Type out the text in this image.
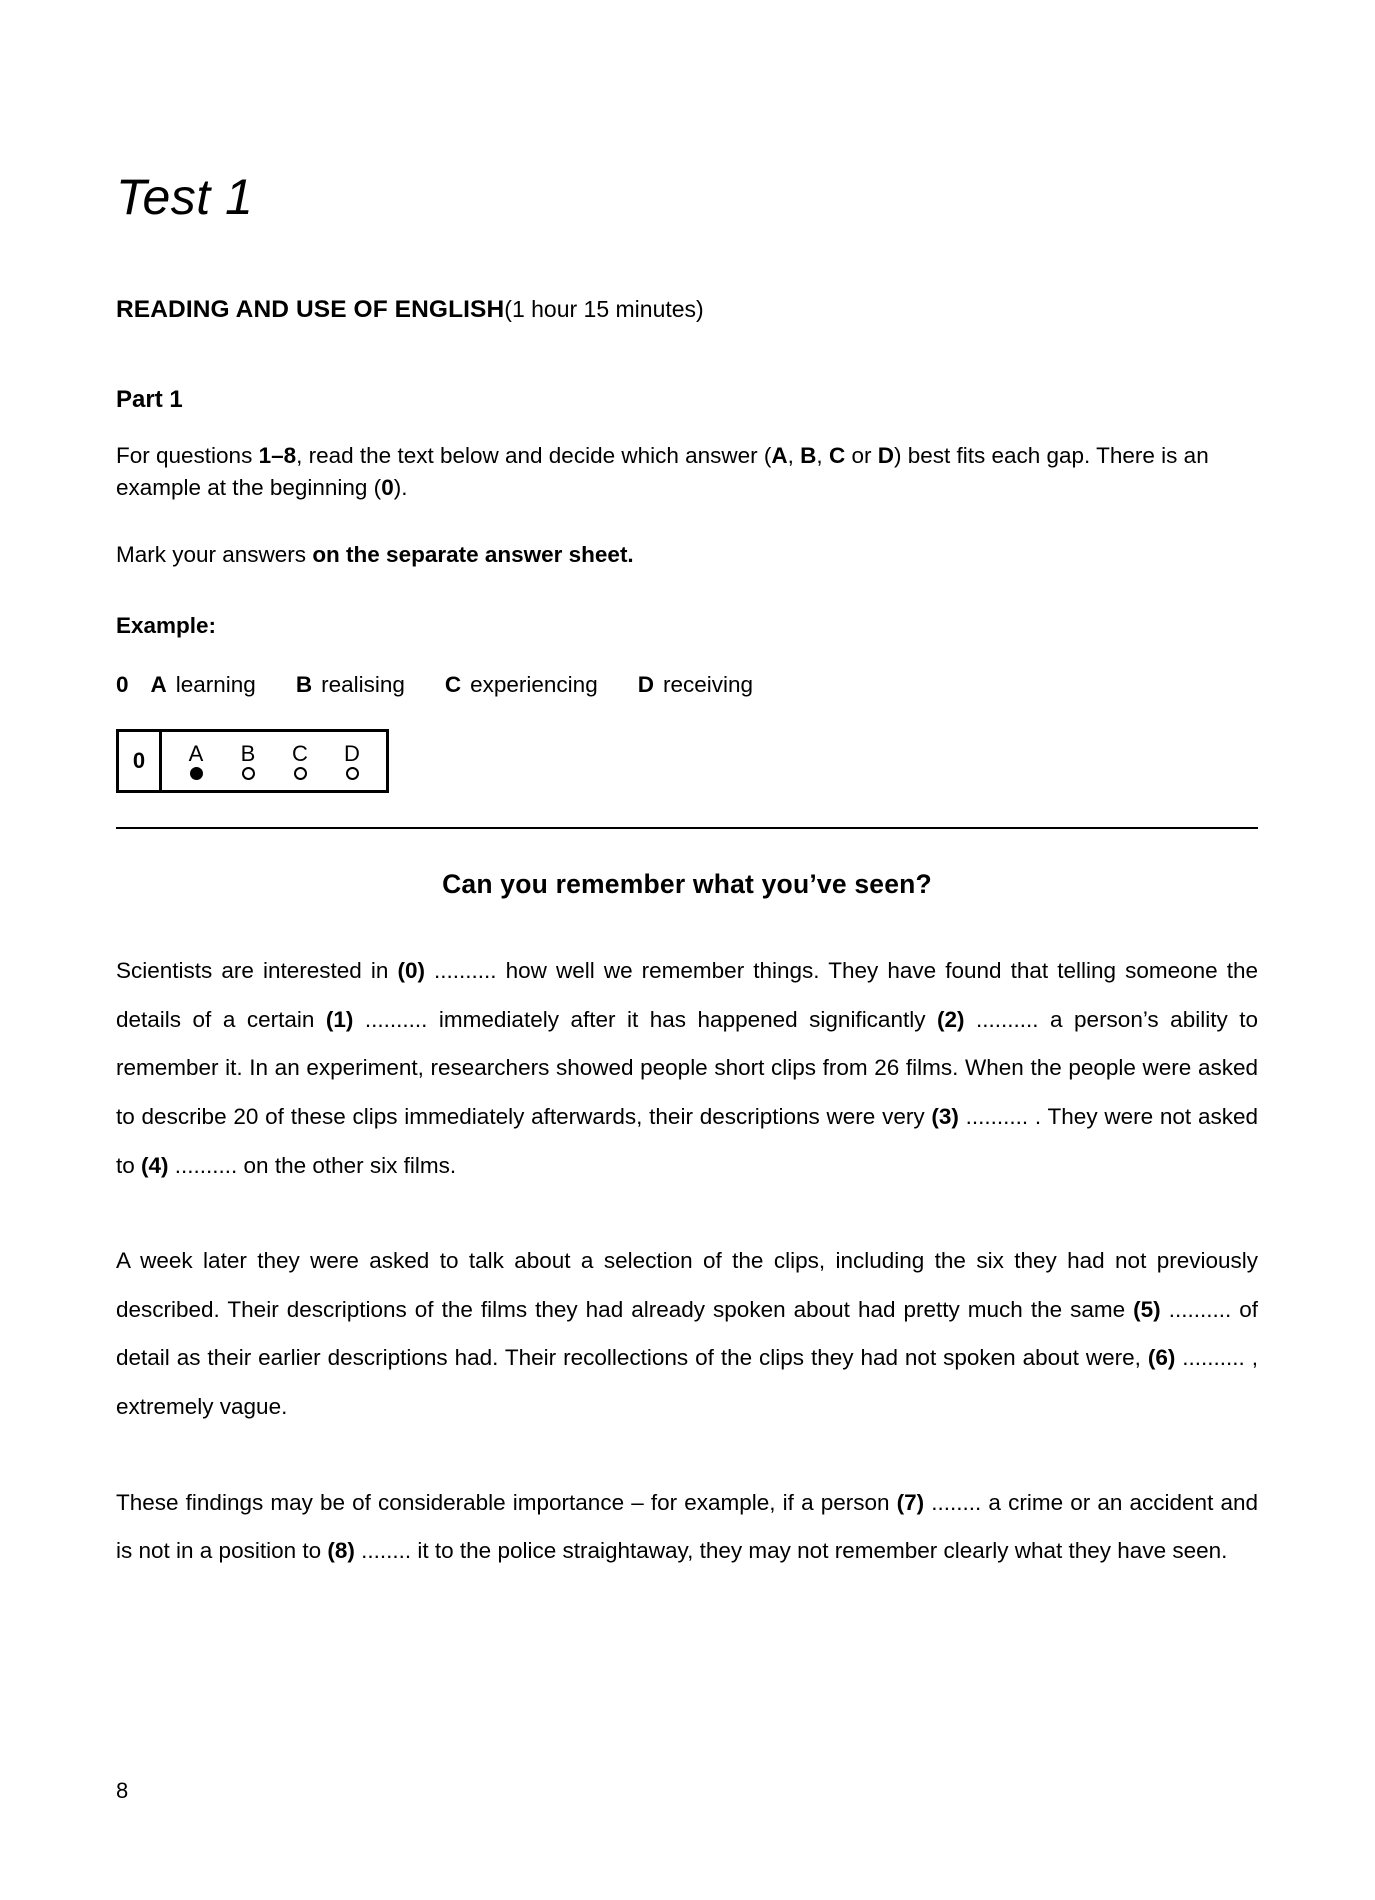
Test 1

READING AND USE OF ENGLISH(1 hour 15 minutes)

Part 1

For questions 1–8, read the text below and decide which answer (A, B, C or D) best fits each gap. There is an example at the beginning (0).

Mark your answers on the separate answer sheet.

Example:

0 A learning B realising C experiencing D receiving

0	A B C D
Can you remember what you’ve seen?

Scientists are interested in (0) .......... how well we remember things. They have found that telling someone the details of a certain (1) .......... immediately after it has happened significantly (2) .......... a person’s ability to remember it. In an experiment, researchers showed people short clips from 26 films. When the people were asked to describe 20 of these clips immediately afterwards, their descriptions were very (3) .......... . They were not asked to (4) .......... on the other six films.

A week later they were asked to talk about a selection of the clips, including the six they had not previously described. Their descriptions of the films they had already spoken about had pretty much the same (5) .......... of detail as their earlier descriptions had. Their recollections of the clips they had not spoken about were, (6) .......... , extremely vague.

These findings may be of considerable importance – for example, if a person (7) ........ a crime or an accident and is not in a position to (8) ........ it to the police straightaway, they may not remember clearly what they have seen.

8
